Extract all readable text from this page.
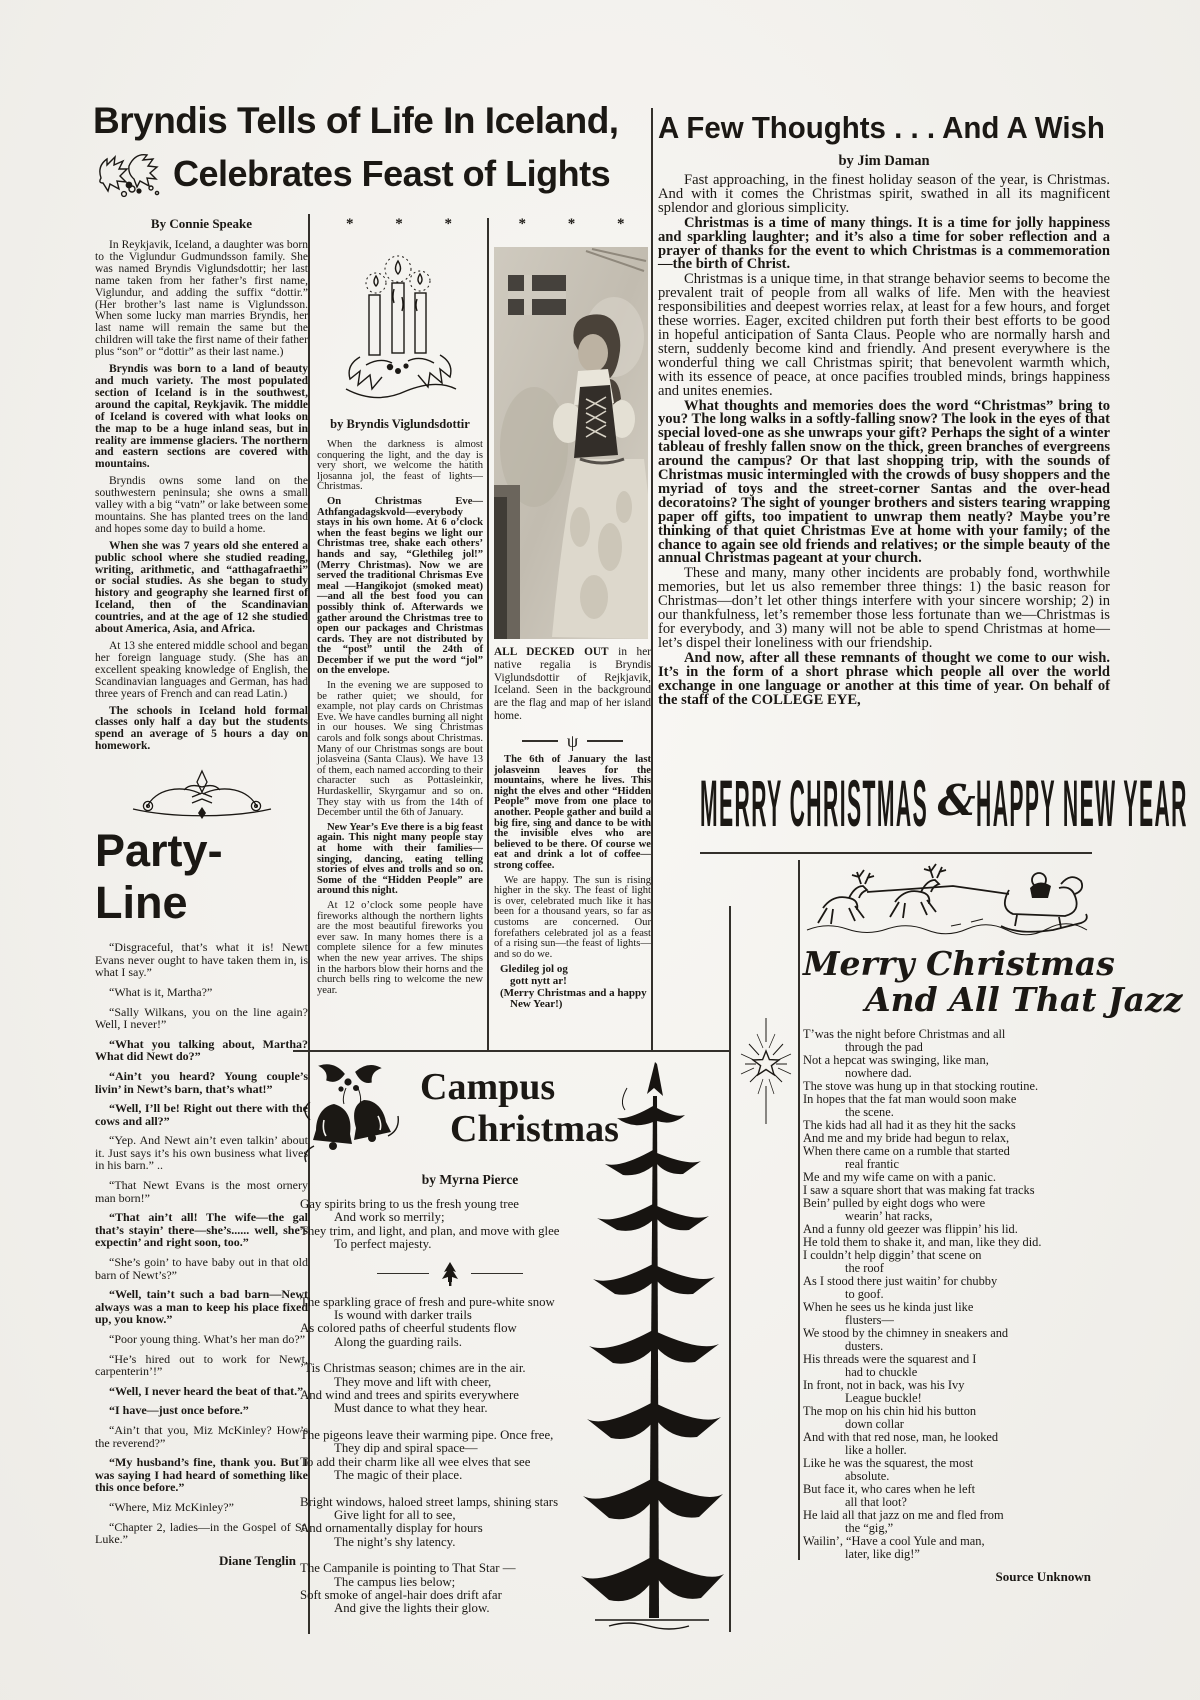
Bryndis Tells of Life In Iceland,
Celebrates Feast of Lights
By Connie Speake

In Reykjavik, Iceland, a daughter was born to the Viglundur Gudmundsson family. She was named Bryndis Viglundsdottir; her last name taken from her father’s first name, Viglundur, and adding the suffix “dottir.” (Her brother’s last name is Viglundsson. When some lucky man marries Bryndis, her last name will remain the same but the children will take the first name of their father plus “son” or “dottir” as their last name.)

Bryndis was born to a land of beauty and much variety. The most populated section of Iceland is in the southwest, around the capital, Reykjavik. The middle of Iceland is covered with what looks on the map to be a huge inland seas, but in reality are immense glaciers. The northern and eastern sections are covered with mountains.

Bryndis owns some land on the southwestern peninsula; she owns a small valley with a big “vatn” or lake between some mountains. She has planted trees on the land and hopes some day to build a home.

When she was 7 years old she entered a public school where she studied reading, writing, arithmetic, and “atthagafraethi” or social studies. As she began to study history and geography she learned first of Iceland, then of the Scandinavian countries, and at the age of 12 she studied about America, Asia, and Africa.

At 13 she entered middle school and began her foreign language study. (She has an excellent speaking knowledge of English, the Scandinavian languages and German, has had three years of French and can read Latin.)

The schools in Iceland hold formal classes only half a day but the students spend an average of 5 hours a day on homework.

Party-Line

“Disgraceful, that’s what it is! Newt Evans never ought to have taken them in, is what I say.”

“What is it, Martha?”

“Sally Wilkans, you on the line again? Well, I never!”

“What you talking about, Martha? What did Newt do?”

“Ain’t you heard? Young couple’s livin’ in Newt’s barn, that’s what!”

“Well, I’ll be! Right out there with the cows and all?”

“Yep. And Newt ain’t even talkin’ about it. Just says it’s his own business what lives in his barn.” ..

“That Newt Evans is the most ornery man born!”

“That ain’t all! The wife—the gal that’s stayin’ there—she’s...... well, she’s expectin’ and right soon, too.”

“She’s goin’ to have baby out in that old barn of Newt’s?”

“Well, tain’t such a bad barn—Newt always was a man to keep his place fixed up, you know.”

“Poor young thing. What’s her man do?”

“He’s hired out to work for Newt, carpenterin’!”

“Well, I never heard the beat of that.”

“I have—just once before.”

“Ain’t that you, Miz McKinley? How’s the reverend?”

“My husband’s fine, thank you. But I was saying I had heard of something like this once before.”

“Where, Miz McKinley?”

“Chapter 2, ladies—in the Gospel of St. Luke.”

Diane Tenglin
* * *
by Bryndis Viglundsdottir

When the darkness is almost conquering the light, and the day is very short, we welcome the hatith ljosanna jol, the feast of lights—Christmas.

On Christmas Eve—Athfangadagskvold—everybody stays in his own home. At 6 o’clock when the feast begins we light our Christmas tree, shake each others’ hands and say, “Glethileg jol!” (Merry Christmas). Now we are served the traditional Chrismas Eve meal —Hangikojot (smoked meat)—and all the best food you can possibly think of. Afterwards we gather around the Christmas tree to open our packages and Christmas cards. They are not distributed by the “post” until the 24th of December if we put the word “jol” on the envelope.

In the evening we are supposed to be rather quiet; we should, for example, not play cards on Christmas Eve. We have candles burning all night in our houses. We sing Christmas carols and folk songs about Christmas. Many of our Christmas songs are bout jolasveina (Santa Claus). We have 13 of them, each named according to their character such as Pottasleinkir, Hurdaskellir, Skyrgamur and so on. They stay with us from the 14th of December until the 6th of January.

New Year’s Eve there is a big feast again. This night many people stay at home with their families—singing, dancing, eating telling stories of elves and trolls and so on. Some of the “Hidden People” are around this night.

At 12 o’clock some people have fireworks although the northern lights are the most beautiful fireworks you ever saw. In many homes there is a complete silence for a few minutes when the new year arrives. The ships in the harbors blow their horns and the church bells ring to welcome the new year.

* * *

ALL DECKED OUT in her native regalia is Bryndis Viglundsdottir of Rejkjavik, Iceland. Seen in the background are the flag and map of her island home.

ψ

The 6th of January the last jolasveinn leaves for the mountains, where he lives. This night the elves and other “Hidden People” move from one place to another. People gather and build a big fire, sing and dance to be with the invisible elves who are believed to be there. Of course we eat and drink a lot of coffee—strong coffee.

We are happy. The sun is rising higher in the sky. The feast of light is over, celebrated much like it has been for a thousand years, so far as customs are concerned. Our forefathers celebrated jol as a feast of a rising sun—the feast of lights—and so do we.

Gledileg jol og

gott nytt ar!

(Merry Christmas and a happy

New Year!)

A Few Thoughts . . . And A Wish
by Jim Daman

Fast approaching, in the finest holiday season of the year, is Christmas. And with it comes the Christmas spirit, swathed in all its magnificent splendor and glorious simplicity.

Christmas is a time of many things. It is a time for jolly happiness and sparkling laughter; and it’s also a time for sober reflection and a prayer of thanks for the event to which Christmas is a commemoration—the birth of Christ.

Christmas is a unique time, in that strange behavior seems to become the prevalent trait of people from all walks of life. Men with the heaviest responsibilities and deepest worries relax, at least for a few hours, and forget these worries. Eager, excited children put forth their best efforts to be good in hopeful anticipation of Santa Claus. People who are normally harsh and stern, suddenly become kind and friendly. And present everywhere is the wonderful thing we call Christmas spirit; that benevolent warmth which, with its essence of peace, at once pacifies troubled minds, brings happiness and unites enemies.

What thoughts and memories does the word “Christmas” bring to you? The long walks in a softly-falling snow? The look in the eyes of that special loved-one as she unwraps your gift? Perhaps the sight of a winter tableau of freshly fallen snow on the thick, green branches of evergreens around the campus? Or that last shopping trip, with the sounds of Christmas music intermingled with the crowds of busy shoppers and the myriad of toys and the street-corner Santas and the over-head decoratoins? The sight of younger brothers and sisters tearing wrapping paper off gifts, too impatient to unwrap them neatly? Maybe you’re thinking of that quiet Christmas Eve at home with your family; of the chance to again see old friends and relatives; or the simple beauty of the annual Christmas pageant at your church.

These and many, many other incidents are probably fond, worthwhile memories, but let us also remember three things: 1) the basic reason for Christmas—don’t let other things interfere with your sincere worship; 2) in our thankfulness, let’s remember those less fortunate than we—Christmas is for everybody, and 3) many will not be able to spend Christmas at home—let’s dispel their loneliness with our friendship.

And now, after all these remnants of thought we come to our wish. It’s in the form of a short phrase which people all over the world exchange in one language or another at this time of year. On behalf of the staff of the COLLEGE EYE,

MERRY CHRISTMAS & HAPPY NEW YEAR
Merry Christmas
And All That Jazz

T’was the night before Christmas and all

through the pad

Not a hepcat was swinging, like man,

nowhere dad.

The stove was hung up in that stocking routine.

In hopes that the fat man would soon make

the scene.

The kids had all had it as they hit the sacks

And me and my bride had begun to relax,

When there came on a rumble that started

real frantic

Me and my wife came on with a panic.

I saw a square short that was making fat tracks

Bein’ pulled by eight dogs who were

wearin’ hat racks,

And a funny old geezer was flippin’ his lid.

He told them to shake it, and man, like they did.

I couldn’t help diggin’ that scene on

the roof

As I stood there just waitin’ for chubby

to goof.

When he sees us he kinda just like

flusters—

We stood by the chimney in sneakers and

dusters.

His threads were the squarest and I

had to chuckle

In front, not in back, was his Ivy

League buckle!

The mop on his chin hid his button

down collar

And with that red nose, man, he looked

like a holler.

Like he was the squarest, the most

absolute.

But face it, who cares when he left

all that loot?

He laid all that jazz on me and fled from

the “gig,”

Wailin’, “Have a cool Yule and man,

later, like dig!”

Source Unknown
Campus
Christmas
by Myrna Pierce

Gay spirits bring to us the fresh young tree

And work so merrily;

They trim, and light, and plan, and move with glee

To perfect majesty.

The sparkling grace of fresh and pure-white snow

Is wound with darker trails

As colored paths of cheerful students flow

Along the guarding rails.

’Tis Christmas season; chimes are in the air.

They move and lift with cheer,

And wind and trees and spirits everywhere

Must dance to what they hear.

The pigeons leave their warming pipe. Once free,

They dip and spiral space—

To add their charm like all wee elves that see

The magic of their place.

Bright windows, haloed street lamps, shining stars

Give light for all to see,

And ornamentally display for hours

The night’s shy latency.

The Campanile is pointing to That Star —

The campus lies below;

Soft smoke of angel-hair does drift afar

And give the lights their glow.
